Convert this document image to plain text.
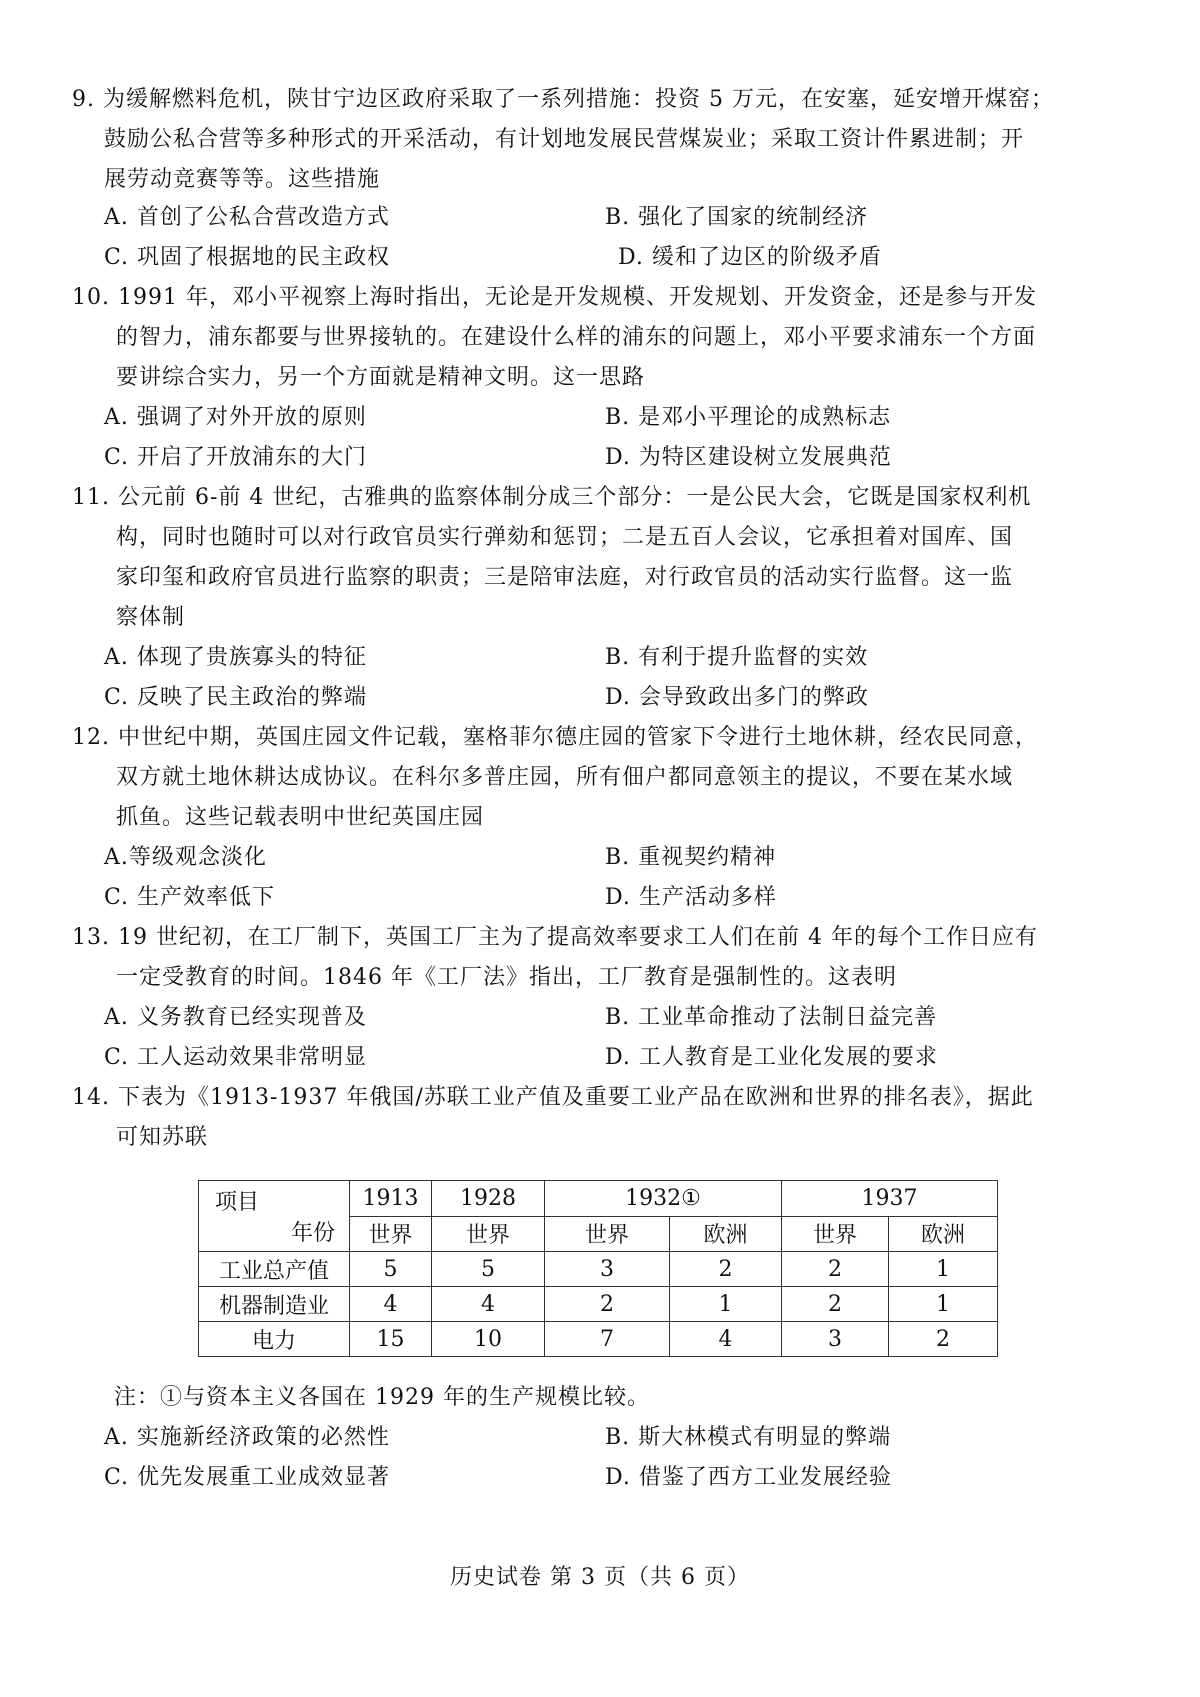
9. 为缓解燃料危机，陕甘宁边区政府采取了一系列措施：投资 5 万元，在安塞，延安增开煤窑；
鼓励公私合营等多种形式的开采活动，有计划地发展民营煤炭业；采取工资计件累进制；开
展劳动竞赛等等。这些措施
A. 首创了公私合营改造方式	B. 强化了国家的统制经济
C. 巩固了根据地的民主政权	D. 缓和了边区的阶级矛盾
10. 1991 年，邓小平视察上海时指出，无论是开发规模、开发规划、开发资金，还是参与开发
的智力，浦东都要与世界接轨的。在建设什么样的浦东的问题上，邓小平要求浦东一个方面
要讲综合实力，另一个方面就是精神文明。这一思路
A. 强调了对外开放的原则	B. 是邓小平理论的成熟标志
C. 开启了开放浦东的大门	D. 为特区建设树立发展典范
11. 公元前 6-前 4 世纪，古雅典的监察体制分成三个部分：一是公民大会，它既是国家权利机
构，同时也随时可以对行政官员实行弹劾和惩罚；二是五百人会议，它承担着对国库、国
家印玺和政府官员进行监察的职责；三是陪审法庭，对行政官员的活动实行监督。这一监
察体制
A. 体现了贵族寡头的特征	B. 有利于提升监督的实效
C. 反映了民主政治的弊端	D. 会导致政出多门的弊政
12. 中世纪中期，英国庄园文件记载，塞格菲尔德庄园的管家下令进行土地休耕，经农民同意，
双方就土地休耕达成协议。在科尔多普庄园，所有佃户都同意领主的提议，不要在某水域
抓鱼。这些记载表明中世纪英国庄园
A.等级观念淡化	B. 重视契约精神
C. 生产效率低下	D. 生产活动多样
13. 19 世纪初，在工厂制下，英国工厂主为了提高效率要求工人们在前 4 年的每个工作日应有
一定受教育的时间。1846 年《工厂法》指出，工厂教育是强制性的。这表明
A. 义务教育已经实现普及	B. 工业革命推动了法制日益完善
C. 工人运动效果非常明显	D. 工人教育是工业化发展的要求
14. 下表为《1913-1937 年俄国/苏联工业产值及重要工业产品在欧洲和世界的排名表》，据此
可知苏联
项目
年份	1913	1928	1932①		1937	
	世界	世界	世界	欧洲	世界	欧洲
工业总产值	5	5	3	2	2	1
机器制造业	4	4	2	1	2	1
电力	15	10	7	4	3	2
注：①与资本主义各国在 1929 年的生产规模比较。
A. 实施新经济政策的必然性	B. 斯大林模式有明显的弊端
C. 优先发展重工业成效显著	D. 借鉴了西方工业发展经验
历史试卷 第 3 页（共 6 页）
